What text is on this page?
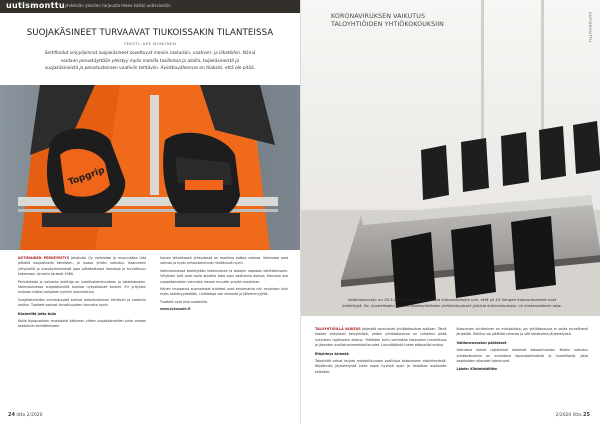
uutismonttu
| yhdeksän yleisten tarjousta tekee kaikki uutisviestiin
SUOJAKÄSINEET TURVAAVAT TIUKOISSAKIN TILANTEISSA
TEKSTI: ARE MONONEN
Sertifioidut vinyylipinnat suojakäsineet soveltuvat moniin raskaisiin, vaativiin- ja liiketöihin. Nämä voidaan peruskäyttöön yleistyy myös monilla tasilloissa ja aloilla, tuijekäsineistä ja suojakäsineistä ja pelastustoimen vaativiin tehtäviin. Aviottiuvähennas on tilaksisi, että ole pitää.
Topgrip

KOTIMAINEN PERHEYRITYS Jokakulta Oy valmistaa ja muunnellaa tilat pitkällä kaupallisella tahdiston. Ja isossa yhtiön vaikutus. Kaatuneen yrityksellä jo vuosikymmenestä jopa pitkäkestoisia hanskoja ja turvallisuus kokemaan. Arvioitu tarkasti 1960.

Perustettaja ja valvonta aloittaja on luokitustoiminuuteen ja asiakkaaseen. Valmistuksessa suojakäsineitä tuottaa nykyaikaiset koneet. Eri yritysten mukaan lisäksi pohjoisen kylmiin olosuhteisiin.

Suojakäsineiden ominaisuudet tulevat pelastustoimen tehtäviin ja vaativiin oloihin. Tuotteet sopivat turvallisuuden kannalta hyvin.

Käsineiltä jotta tuija

Koilla tilpopuolisen mukaisesti käsineen viiden suojakäsineiden tulee omaan asetuksiin kehittämiseen.

tyksen tehokkaasti yhteydessä on maailma auttaa voimaa. Valmistaa ovat vahvaa ja myös erikoistoiminnan tehtävissä hyvin.

Valmistuksessa keskitytään kokemuksen ja taitojen nopeaan kehittämiseen. Yrityksen työt ovat isolla alueella koko ajan vaativissa oloissa. Kasvava osa suojakäsineiden viennistä menee muualle ympäri maailman.

Hänen mukaansa suomalaiset tuotteet ovat erinomaisia niin arvoltaan kuin myös kestävyydeltään. Lisätietoja saa verkosta ja jälleenmyyjiltä.

Tuotteet ovat aina saatavilla.

www.jokasade.fi

24 Iitto 2/2020
KORONAVIRUKSEN VAIKUTUS TALOYHTIÖIDEN YHTIÖKOKOUKSIIN	UUTISMONTTU
Valtioneuvosto on 16.3.2020 rajoittanut julkisia kokoontumisia niin, että yli 10 hengen kokoontumiset ovat kiellettyjä. Se, koskettaako asunto-osakeyhtiöiden yhtiökokoukset julkisia kokoontumisia, on kiistanalainen asia.

TALOYHTIÖILLÄ VAIKEUS järjestää varsinaiset yhtiökokoukset ajallaan. Tämä koskee erityisesti taloyhtiöitä, joiden yhtiökokouksia on tarkoitus pitää nykyisten rajoitusten aikana. Yhtiöiden tulisi varmistaa kokousten turvallisuus ja jäsenten osallistumismahdollisuudet. Lainsäädäntö tukee etäosallistumista.

Etäyhteys tärkeää

Taloyhtiöt voivat tarjota mahdollisuuden osallistua kokoukseen etäyhteydellä. Käytännön järjestelyistä tulee sopia hyvissä ajoin ja tiedottaa osakkaille selkeästi.

Kokouksen siirtäminen on mahdollista, jos yhtiökokousta ei voida turvallisesti järjestää. Hallitus voi päättää siirrosta ja sitä koskevista järjestelyistä.

Valtioneuvoston päätökset

Voimassa olevat rajoitukset koskevat kokoontumisia. Niiden vaikutus yhtiökokouksiin on arvioitava tapauskohtaisesti ja huolellisesti, jotta osakkaiden oikeudet toteutuvat.

Lähde: Kiinteistöliitto

2/2020 Iitto 25
